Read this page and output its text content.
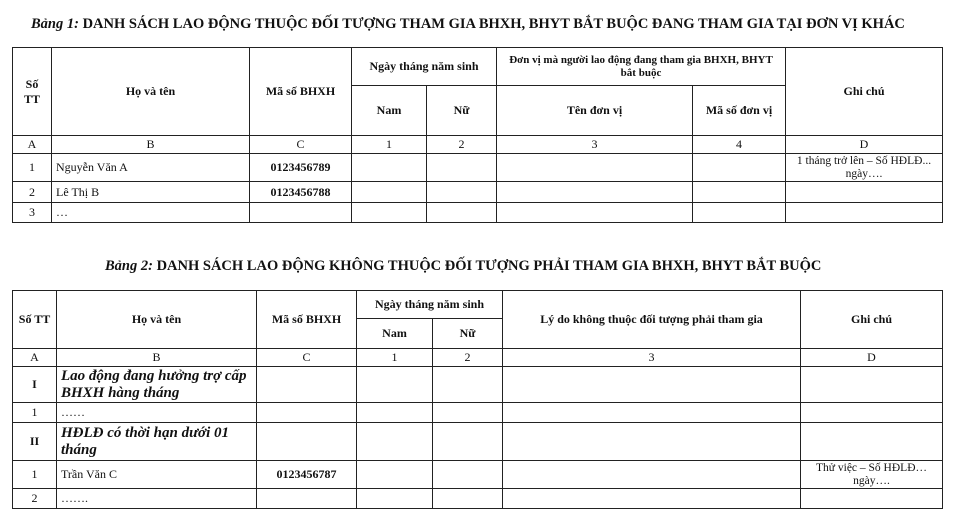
Bảng 1: DANH SÁCH LAO ĐỘNG THUỘC ĐỐI TƯỢNG THAM GIA BHXH, BHYT BẮT BUỘC ĐANG THAM GIA TẠI ĐƠN VỊ KHÁC
Số TT	Họ và tên	Mã số BHXH	Ngày tháng năm sinh		Đơn vị mà người lao động đang tham gia BHXH, BHYT bắt buộc		Ghi chú
			Nam	Nữ	Tên đơn vị	Mã số đơn vị	
A	B	C	1	2	3	4	D
1	Nguyễn Văn A	0123456789					1 tháng trở lên – Số HĐLĐ... ngày….
2	Lê Thị B	0123456788					
3	…						
Bảng 2: DANH SÁCH LAO ĐỘNG KHÔNG THUỘC ĐỐI TƯỢNG PHẢI THAM GIA BHXH, BHYT BẮT BUỘC
Số TT	Họ và tên	Mã số BHXH	Ngày tháng năm sinh		Lý do không thuộc đối tượng phải tham gia	Ghi chú
			Nam	Nữ		
A	B	C	1	2	3	D
I	Lao động đang hưởng trợ cấp BHXH hàng tháng					
1	……					
II	HĐLĐ có thời hạn dưới 01 tháng					
1	Trần Văn C	0123456787				Thử việc – Số HĐLĐ… ngày….
2	…….					
